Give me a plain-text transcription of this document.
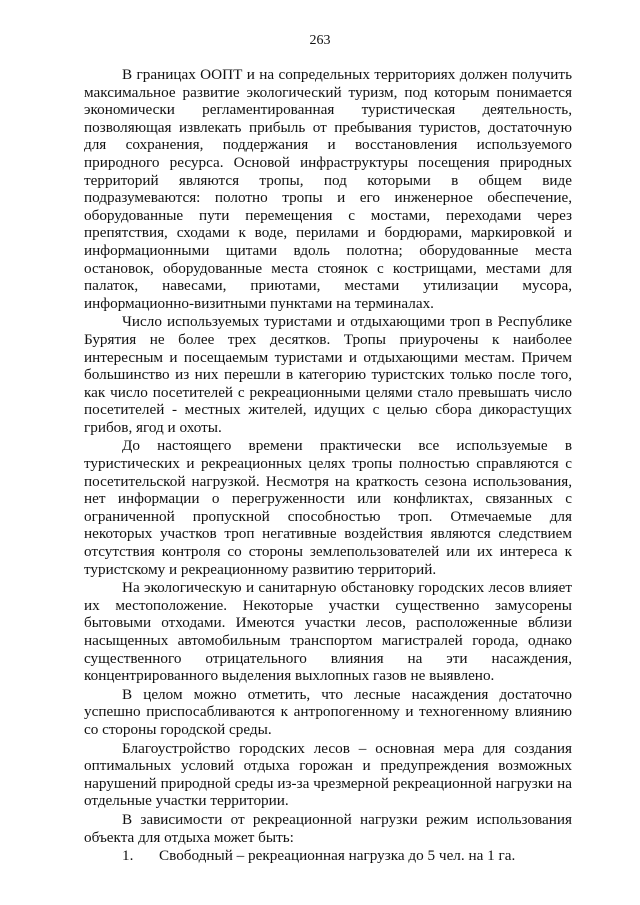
263

В границах ООПТ и на сопредельных территориях должен получить максимальное развитие экологический туризм, под которым понимается экономически регламентированная туристическая деятельность, позволяющая извлекать прибыль от пребывания туристов, достаточную для сохранения, поддержания и восстановления используемого природного ресурса. Основой инфраструктуры посещения природных территорий являются тропы, под которыми в общем виде подразумеваются: полотно тропы и его инженерное обеспечение, оборудованные пути перемещения с мостами, переходами через препятствия, сходами к воде, перилами и бордюрами, маркировкой и информационными щитами вдоль полотна; оборудованные места остановок, оборудованные места стоянок с кострищами, местами для палаток, навесами, приютами, местами утилизации мусора, информационно-визитными пунктами на терминалах.

Число используемых туристами и отдыхающими троп в Республике Бурятия не более трех десятков. Тропы приурочены к наиболее интересным и посещаемым туристами и отдыхающими местам. Причем большинство из них перешли в категорию туристских только после того, как число посетителей с рекреационными целями стало превышать число посетителей - местных жителей, идущих с целью сбора дикорастущих грибов, ягод и охоты.

До настоящего времени практически все используемые в туристических и рекреационных целях тропы полностью справляются с посетительской нагрузкой. Несмотря на краткость сезона использования, нет информации о перегруженности или конфликтах, связанных с ограниченной пропускной способностью троп. Отмечаемые для некоторых участков троп негативные воздействия являются следствием отсутствия контроля со стороны землепользователей или их интереса к туристскому и рекреационному развитию территорий.

На экологическую и санитарную обстановку городских лесов влияет их местоположение. Некоторые участки существенно замусорены бытовыми отходами. Имеются участки лесов, расположенные вблизи насыщенных автомобильным транспортом магистралей города, однако существенного отрицательного влияния на эти насаждения, концентрированного выделения выхлопных газов не выявлено.

В целом можно отметить, что лесные насаждения достаточно успешно приспосабливаются к антропогенному и техногенному влиянию со стороны городской среды.

Благоустройство городских лесов – основная мера для создания оптимальных условий отдыха горожан и предупреждения возможных нарушений природной среды из-за чрезмерной рекреационной нагрузки на отдельные участки территории.

В зависимости от рекреационной нагрузки режим использования объекта для отдыха может быть:

1.	Свободный – рекреационная нагрузка до 5 чел. на 1 га.
